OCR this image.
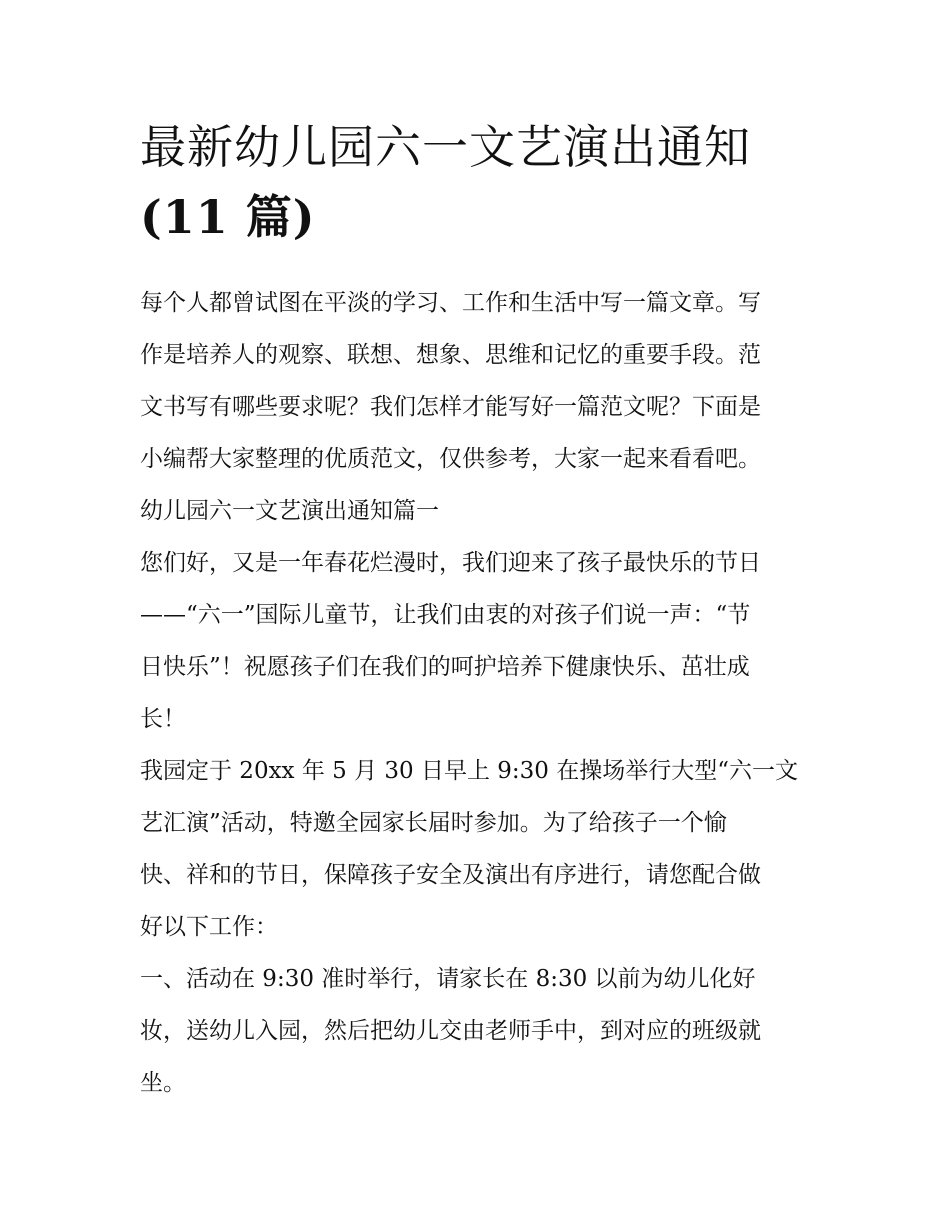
最新幼儿园六一文艺演出通知
(11 篇)

每个人都曾试图在平淡的学习、工作和生活中写一篇文章。写
作是培养人的观察、联想、想象、思维和记忆的重要手段。范
文书写有哪些要求呢？我们怎样才能写好一篇范文呢？下面是
小编帮大家整理的优质范文，仅供参考，大家一起来看看吧。

幼儿园六一文艺演出通知篇一

您们好，又是一年春花烂漫时，我们迎来了孩子最快乐的节日
——“六一”国际儿童节，让我们由衷的对孩子们说一声：“节
日快乐”！祝愿孩子们在我们的呵护培养下健康快乐、茁壮成
长！

我园定于 20xx 年 5 月 30 日早上 9:30 在操场举行大型“六一文
艺汇演”活动，特邀全园家长届时参加。为了给孩子一个愉
快、祥和的节日，保障孩子安全及演出有序进行，请您配合做
好以下工作：

一、活动在 9:30 准时举行，请家长在 8:30 以前为幼儿化好
妆，送幼儿入园，然后把幼儿交由老师手中，到对应的班级就
坐。
